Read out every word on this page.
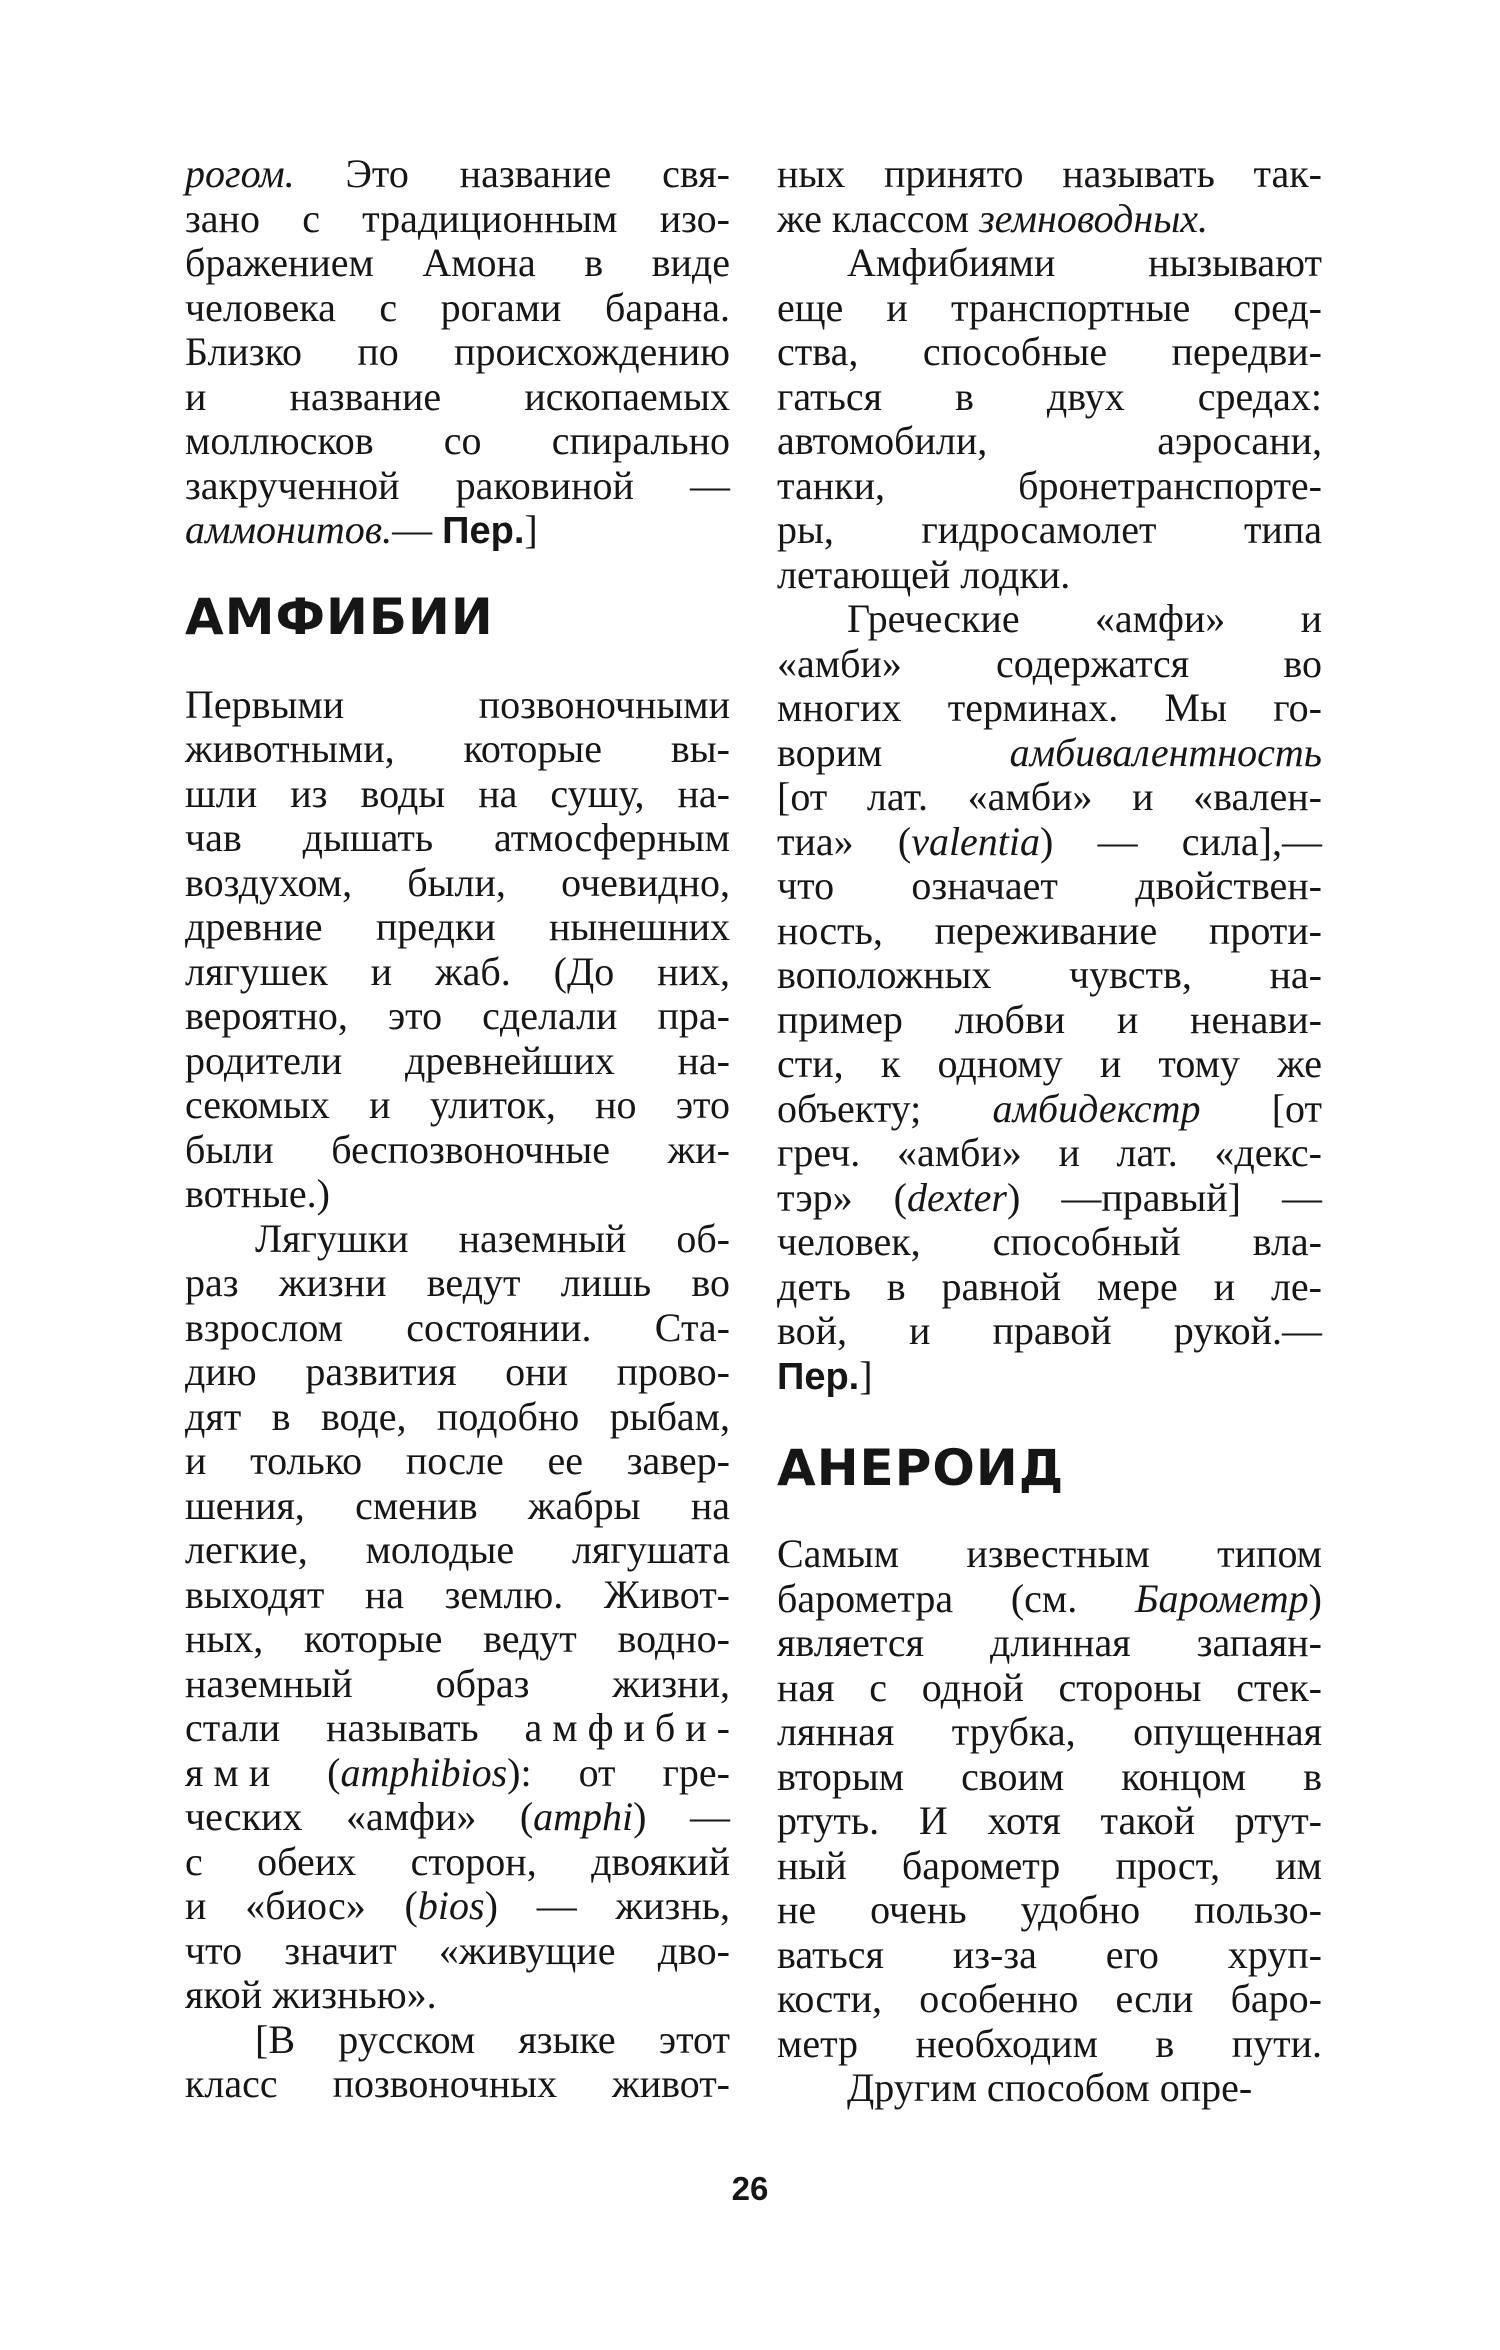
рогом. Это название свя-
зано с традиционным изо-
бражением Амона в виде
человека с рогами барана.
Близко по происхождению
и название ископаемых
моллюсков со спирально
закрученной раковиной —
аммонитов.— Пер.]
АМФИБИИ
Первыми позвоночными
животными, которые вы-
шли из воды на сушу, на-
чав дышать атмосферным
воздухом, были, очевидно,
древние предки нынешних
лягушек и жаб. (До них,
вероятно, это сделали пра-
родители древнейших на-
секомых и улиток, но это
были беспозвоночные жи-
вотные.)
Лягушки наземный об-
раз жизни ведут лишь во
взрослом состоянии. Ста-
дию развития они прово-
дят в воде, подобно рыбам,
и только после ее завер-
шения, сменив жабры на
легкие, молодые лягушата
выходят на землю. Живот-
ных, которые ведут водно-
наземный образ жизни,
стали называть амфиби-
ями (amphibios): от гре-
ческих «амфи» (amphi) —
с обеих сторон, двоякий
и «биос» (bios) — жизнь,
что значит «живущие дво-
якой жизнью».
[В русском языке этот
класс позвоночных живот-
ных принято называть так-
же классом земноводных.
Амфибиями нызывают
еще и транспортные сред-
ства, способные передви-
гаться в двух средах:
автомобили, аэросани,
танки, бронетранспорте-
ры, гидросамолет типа
летающей лодки.
Греческие «амфи» и
«амби» содержатся во
многих терминах. Мы го-
ворим амбивалентность
[от лат. «амби» и «вален-
тиа» (valentia) — сила],—
что означает двойствен-
ность, переживание проти-
воположных чувств, на-
пример любви и ненави-
сти, к одному и тому же
объекту; амбидекстр [от
греч. «амби» и лат. «декс-
тэр» (dexter) —правый] —
человек, способный вла-
деть в равной мере и ле-
вой, и правой рукой.—
Пер.]
АНЕРОИД
Самым известным типом
барометра (см. Барометр)
является длинная запаян-
ная с одной стороны стек-
лянная трубка, опущенная
вторым своим концом в
ртуть. И хотя такой ртут-
ный барометр прост, им
не очень удобно пользо-
ваться из-за его хруп-
кости, особенно если баро-
метр необходим в пути.
Другим способом опре-
26
